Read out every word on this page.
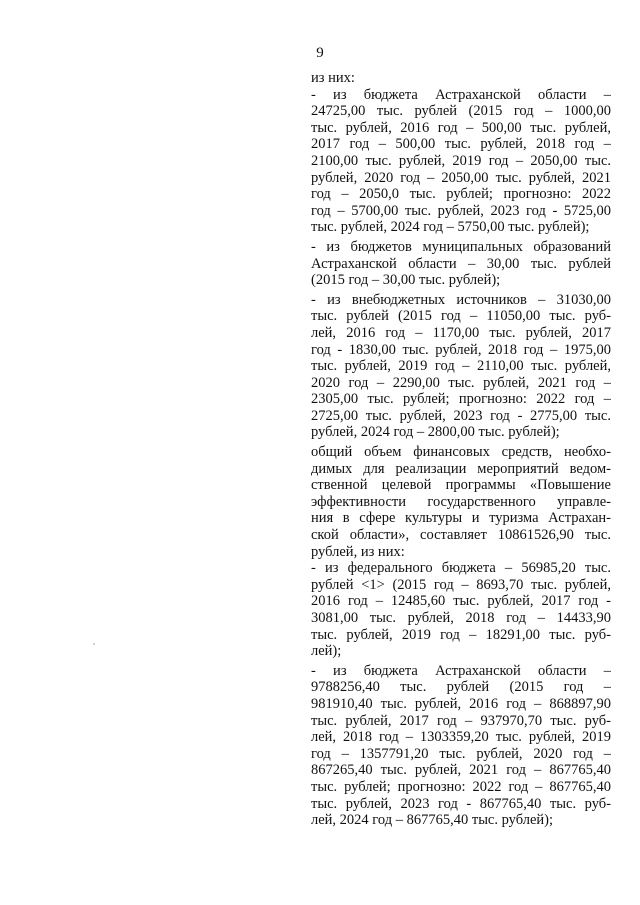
9
из них:
- из бюджета Астраханской области –
24725,00 тыс. рублей (2015 год – 1000,00
тыс. рублей, 2016 год – 500,00 тыс. рублей,
2017 год – 500,00 тыс. рублей, 2018 год –
2100,00 тыс. рублей, 2019 год – 2050,00 тыс.
рублей, 2020 год – 2050,00 тыс. рублей, 2021
год – 2050,0 тыс. рублей; прогнозно: 2022
год – 5700,00 тыс. рублей, 2023 год - 5725,00
тыс. рублей, 2024 год – 5750,00 тыс. рублей);
- из бюджетов муниципальных образований
Астраханской области – 30,00 тыс. рублей
(2015 год – 30,00 тыс. рублей);
- из внебюджетных источников – 31030,00
тыс. рублей (2015 год – 11050,00 тыс. руб-
лей, 2016 год – 1170,00 тыс. рублей, 2017
год - 1830,00 тыс. рублей, 2018 год – 1975,00
тыс. рублей, 2019 год – 2110,00 тыс. рублей,
2020 год – 2290,00 тыс. рублей, 2021 год –
2305,00 тыс. рублей; прогнозно: 2022 год –
2725,00 тыс. рублей, 2023 год - 2775,00 тыс.
рублей, 2024 год – 2800,00 тыс. рублей);
общий объем финансовых средств, необхо-
димых для реализации мероприятий ведом-
ственной целевой программы «Повышение
эффективности государственного управле-
ния в сфере культуры и туризма Астрахан-
ской области», составляет 10861526,90 тыс.
рублей, из них:
- из федерального бюджета – 56985,20 тыс.
рублей <1> (2015 год – 8693,70 тыс. рублей,
2016 год – 12485,60 тыс. рублей, 2017 год -
3081,00 тыс. рублей, 2018 год – 14433,90
тыс. рублей, 2019 год – 18291,00 тыс. руб-
лей);
- из бюджета Астраханской области –
9788256,40 тыс. рублей (2015 год –
981910,40 тыс. рублей, 2016 год – 868897,90
тыс. рублей, 2017 год – 937970,70 тыс. руб-
лей, 2018 год – 1303359,20 тыс. рублей, 2019
год – 1357791,20 тыс. рублей, 2020 год –
867265,40 тыс. рублей, 2021 год – 867765,40
тыс. рублей; прогнозно: 2022 год – 867765,40
тыс. рублей, 2023 год - 867765,40 тыс. руб-
лей, 2024 год – 867765,40 тыс. рублей);
